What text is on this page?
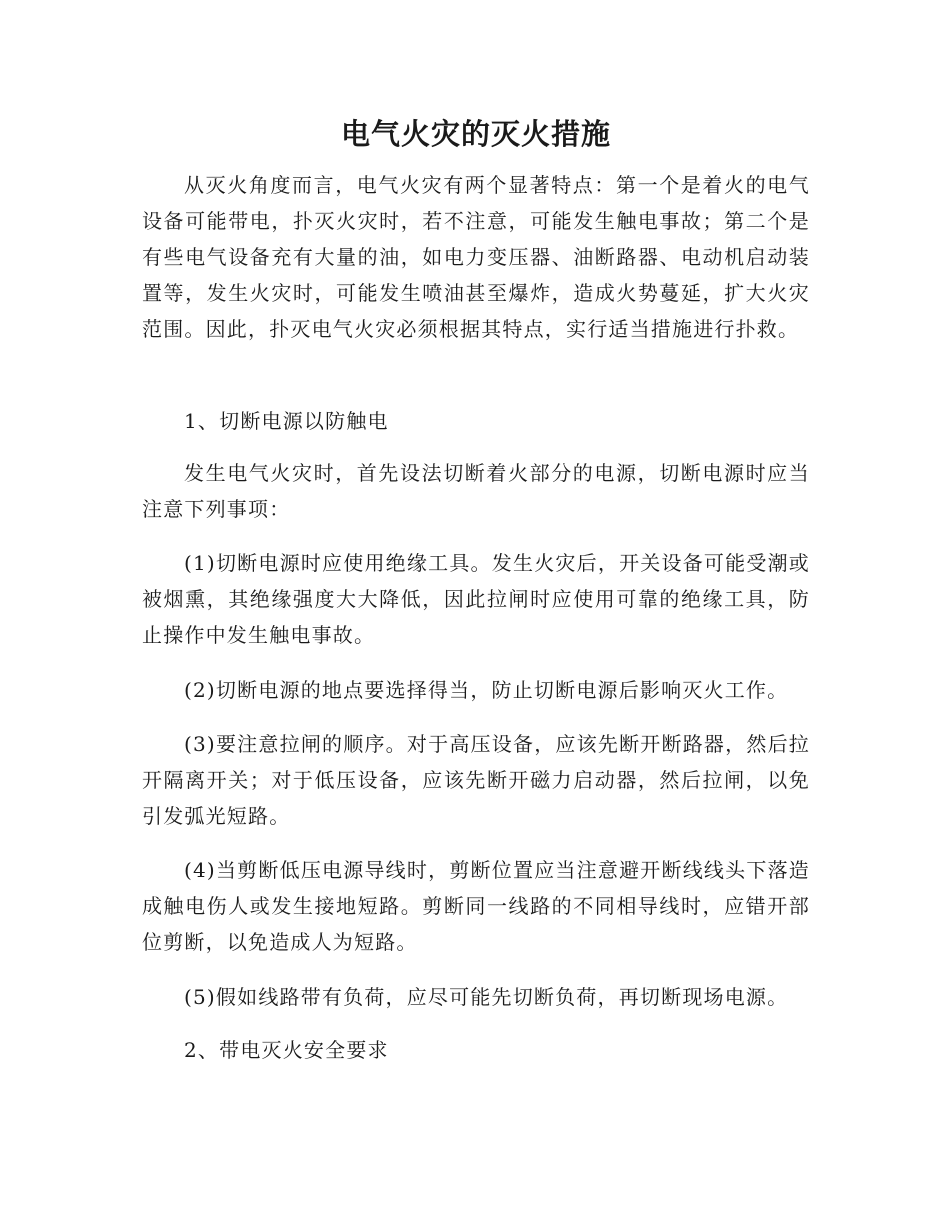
电气火灾的灭火措施

从灭火角度而言，电气火灾有两个显著特点：第一个是着火的电气设备可能带电，扑灭火灾时，若不注意，可能发生触电事故；第二个是有些电气设备充有大量的油，如电力变压器、油断路器、电动机启动装置等，发生火灾时，可能发生喷油甚至爆炸，造成火势蔓延，扩大火灾范围。因此，扑灭电气火灾必须根据其特点，实行适当措施进行扑救。

1、切断电源以防触电

发生电气火灾时，首先设法切断着火部分的电源，切断电源时应当注意下列事项：

(1)切断电源时应使用绝缘工具。发生火灾后，开关设备可能受潮或被烟熏，其绝缘强度大大降低，因此拉闸时应使用可靠的绝缘工具，防止操作中发生触电事故。

(2)切断电源的地点要选择得当，防止切断电源后影响灭火工作。

(3)要注意拉闸的顺序。对于高压设备，应该先断开断路器，然后拉开隔离开关；对于低压设备，应该先断开磁力启动器，然后拉闸，以免引发弧光短路。

(4)当剪断低压电源导线时，剪断位置应当注意避开断线线头下落造成触电伤人或发生接地短路。剪断同一线路的不同相导线时，应错开部位剪断，以免造成人为短路。

(5)假如线路带有负荷，应尽可能先切断负荷，再切断现场电源。

2、带电灭火安全要求
